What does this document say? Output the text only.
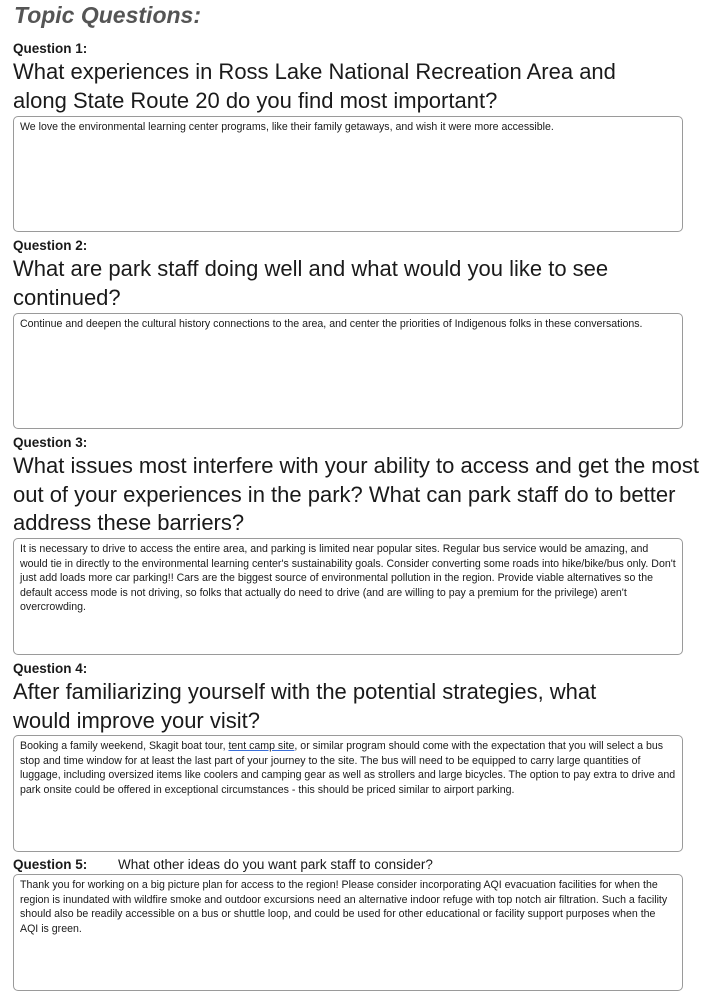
Topic Questions:

Question 1:

What experiences in Ross Lake National Recreation Area and along State Route 20 do you find most important?

We love the environmental learning center programs, like their family getaways, and wish it were more accessible.

Question 2:

What are park staff doing well and what would you like to see continued?

Continue and deepen the cultural history connections to the area, and center the priorities of Indigenous folks in these conversations.

Question 3:

What issues most interfere with your ability to access and get the most out of your experiences in the park? What can park staff do to better address these barriers?

It is necessary to drive to access the entire area, and parking is limited near popular sites. Regular bus service would be amazing, and would tie in directly to the environmental learning center's sustainability goals. Consider converting some roads into hike/bike/bus only. Don't just add loads more car parking!! Cars are the biggest source of environmental pollution in the region. Provide viable alternatives so the default access mode is not driving, so folks that actually do need to drive (and are willing to pay a premium for the privilege) aren't overcrowding.

Question 4:

After familiarizing yourself with the potential strategies, what would improve your visit?

Booking a family weekend, Skagit boat tour, tent camp site, or similar program should come with the expectation that you will select a bus stop and time window for at least the last part of your journey to the site. The bus will need to be equipped to carry large quantities of luggage, including oversized items like coolers and camping gear as well as strollers and large bicycles. The option to pay extra to drive and park onsite could be offered in exceptional circumstances - this should be priced similar to airport parking.

Question 5: What other ideas do you want park staff to consider?

Thank you for working on a big picture plan for access to the region! Please consider incorporating AQI evacuation facilities for when the region is inundated with wildfire smoke and outdoor excursions need an alternative indoor refuge with top notch air filtration. Such a facility should also be readily accessible on a bus or shuttle loop, and could be used for other educational or facility support purposes when the AQI is green.
